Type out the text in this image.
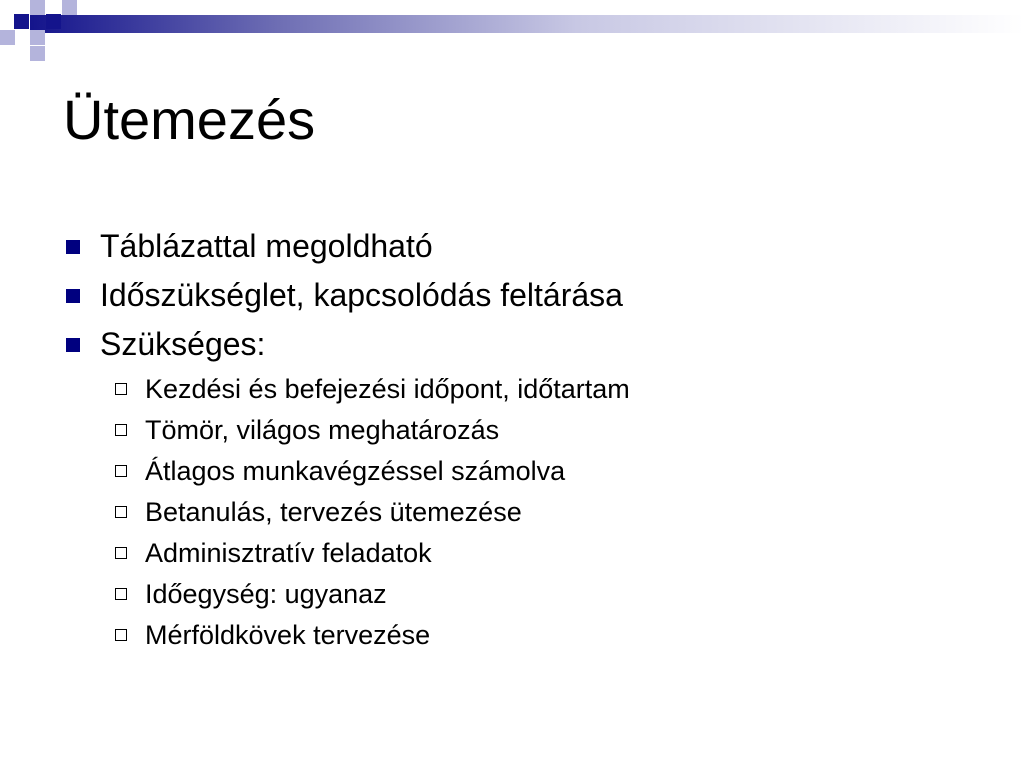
Ütemezés
Táblázattal megoldható
Időszükséglet, kapcsolódás feltárása
Szükséges:
Kezdési és befejezési időpont, időtartam
Tömör, világos meghatározás
Átlagos munkavégzéssel számolva
Betanulás, tervezés ütemezése
Adminisztratív feladatok
Időegység: ugyanaz
Mérföldkövek tervezése
